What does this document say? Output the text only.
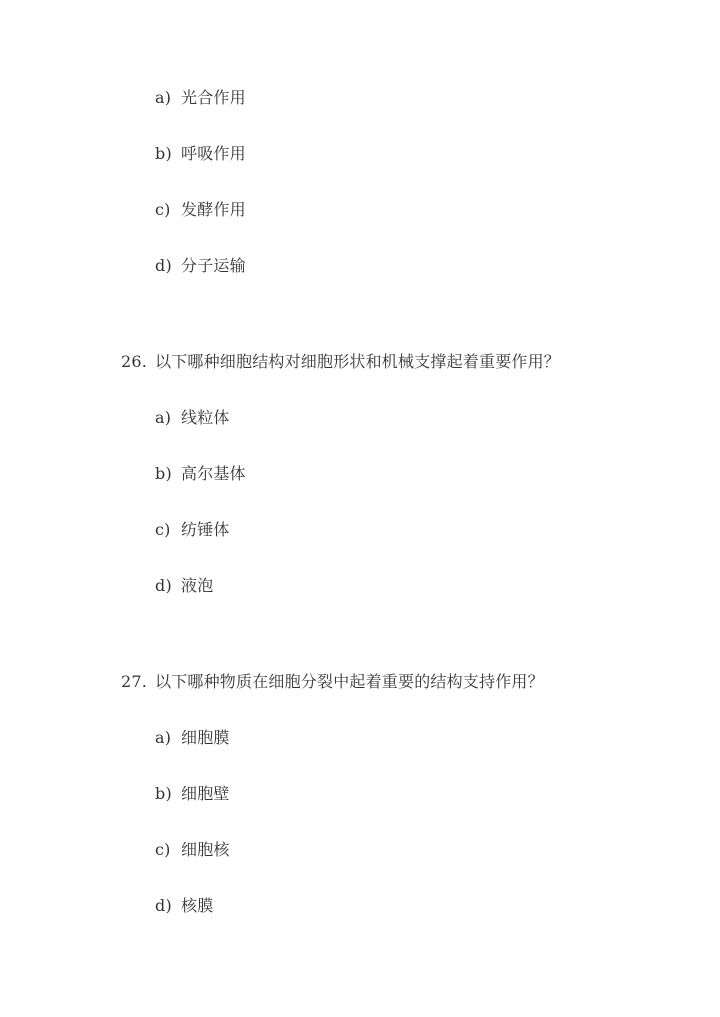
a) 光合作用
b) 呼吸作用
c) 发酵作用
d) 分子运输
26. 以下哪种细胞结构对细胞形状和机械支撑起着重要作用？
a) 线粒体
b) 高尔基体
c) 纺锤体
d) 液泡
27. 以下哪种物质在细胞分裂中起着重要的结构支持作用？
a) 细胞膜
b) 细胞壁
c) 细胞核
d) 核膜
